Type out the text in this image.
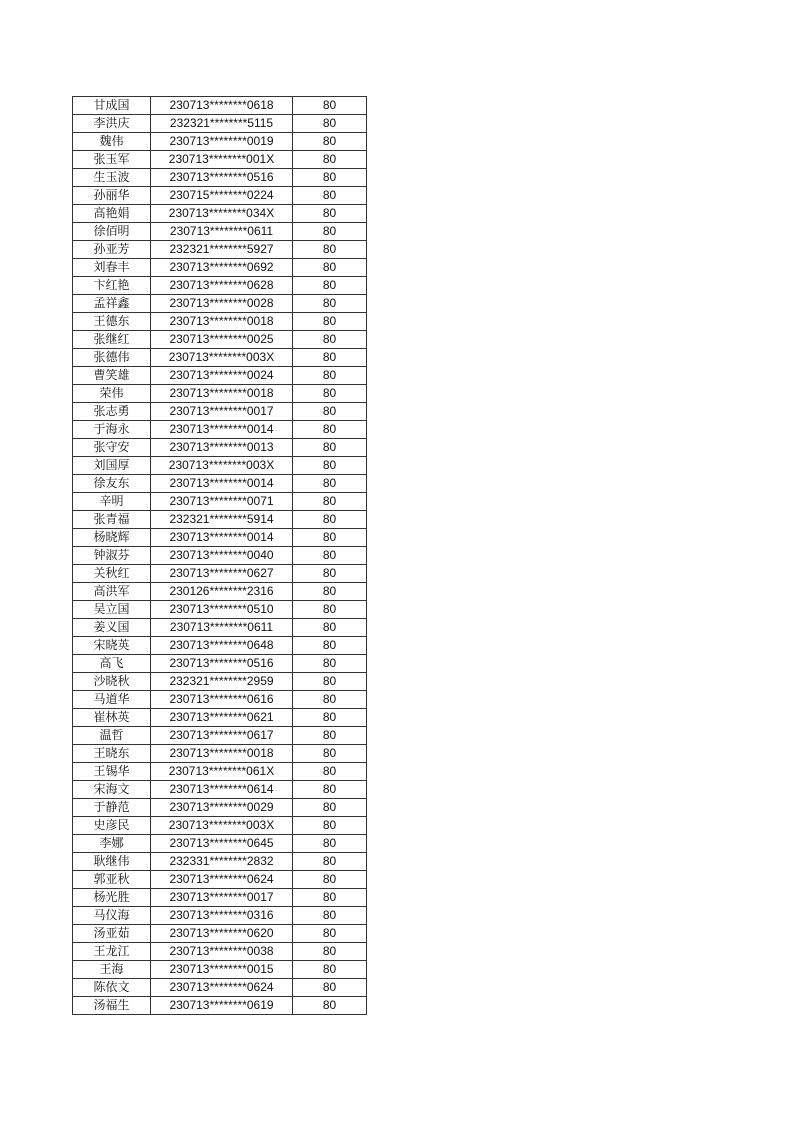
甘成国	230713********0618	80
李洪庆	232321********5115	80
魏伟	230713********0019	80
张玉军	230713********001X	80
生玉波	230713********0516	80
孙丽华	230715********0224	80
高艳娟	230713********034X	80
徐佰明	230713********0611	80
孙亚芳	232321********5927	80
刘春丰	230713********0692	80
卞红艳	230713********0628	80
孟祥鑫	230713********0028	80
王德东	230713********0018	80
张继红	230713********0025	80
张德伟	230713********003X	80
曹笑雄	230713********0024	80
荣伟	230713********0018	80
张志勇	230713********0017	80
于海永	230713********0014	80
张守安	230713********0013	80
刘国厚	230713********003X	80
徐友东	230713********0014	80
辛明	230713********0071	80
张青福	232321********5914	80
杨晓辉	230713********0014	80
钟淑芬	230713********0040	80
关秋红	230713********0627	80
高洪军	230126********2316	80
吴立国	230713********0510	80
姜义国	230713********0611	80
宋晓英	230713********0648	80
高飞	230713********0516	80
沙晓秋	232321********2959	80
马道华	230713********0616	80
崔林英	230713********0621	80
温哲	230713********0617	80
王晓东	230713********0018	80
王锡华	230713********061X	80
宋海文	230713********0614	80
于静范	230713********0029	80
史彦民	230713********003X	80
李娜	230713********0645	80
耿继伟	232331********2832	80
郭亚秋	230713********0624	80
杨光胜	230713********0017	80
马仪海	230713********0316	80
汤亚茹	230713********0620	80
王龙江	230713********0038	80
王海	230713********0015	80
陈依文	230713********0624	80
汤福生	230713********0619	80
